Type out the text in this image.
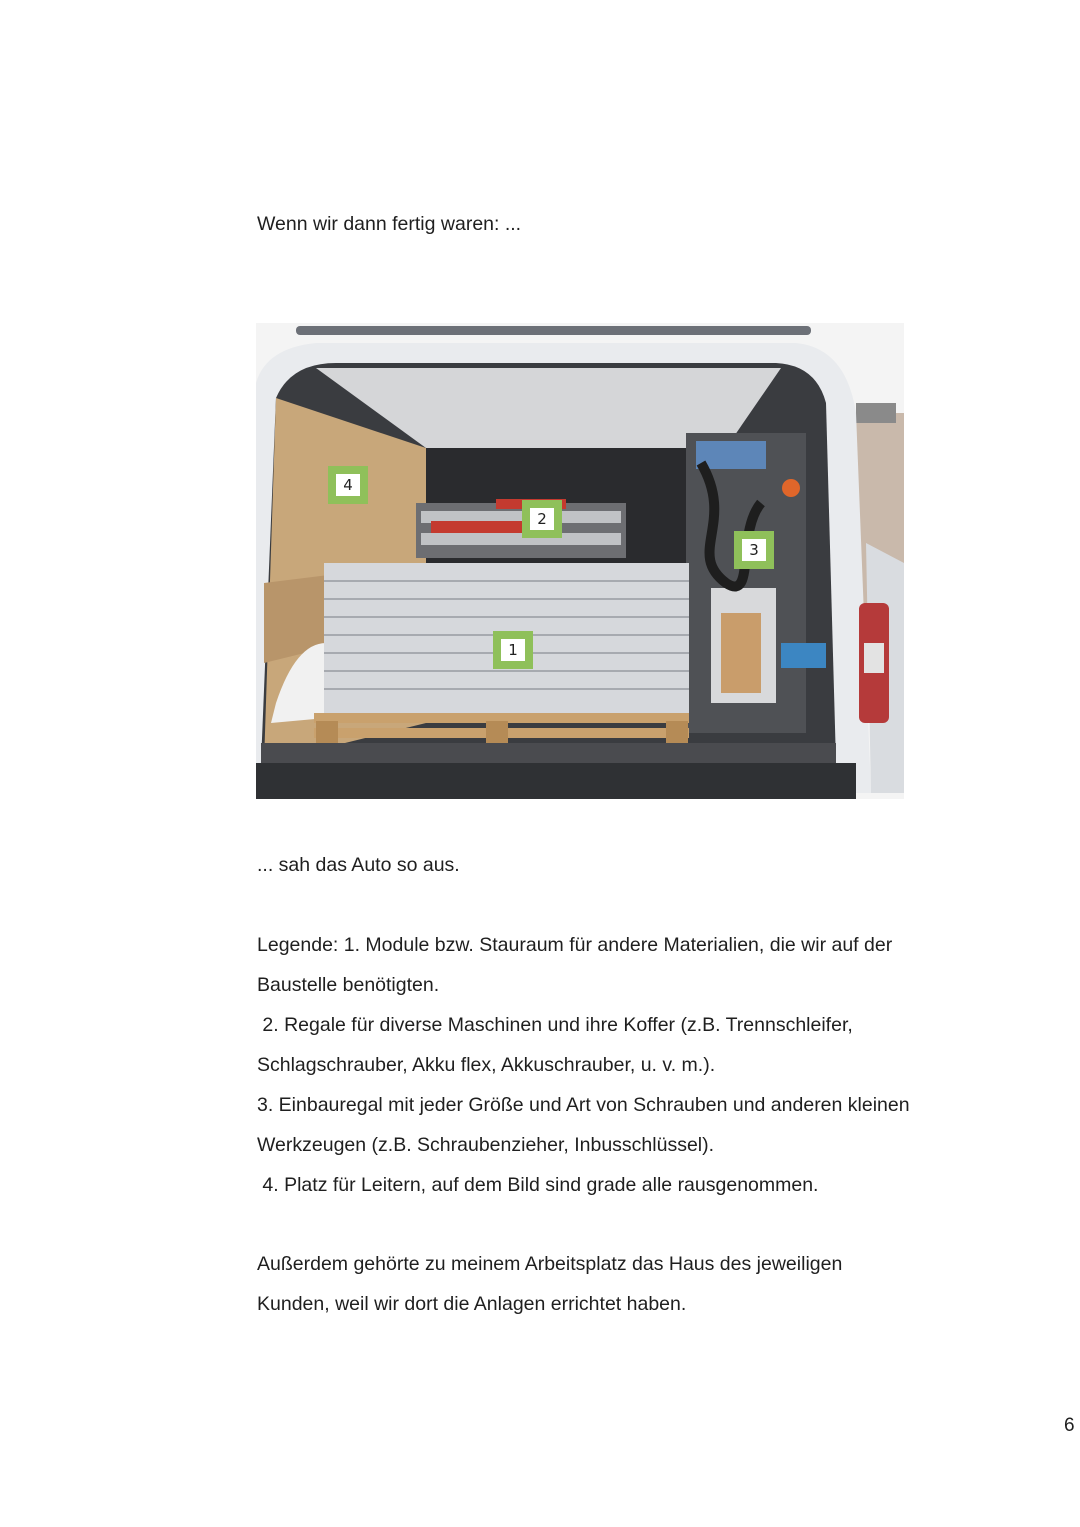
Wenn wir dann fertig waren: ...
4
2
3
1
... sah das Auto so aus.
Legende: 1. Module bzw. Stauraum für andere Materialien, die wir auf der
Baustelle benötigten.
2. Regale für diverse Maschinen und ihre Koffer (z.B. Trennschleifer,
Schlagschrauber, Akku flex, Akkuschrauber, u. v. m.).
3. Einbauregal mit jeder Größe und Art von Schrauben und anderen kleinen
Werkzeugen (z.B. Schraubenzieher, Inbusschlüssel).
4. Platz für Leitern, auf dem Bild sind grade alle rausgenommen.
Außerdem gehörte zu meinem Arbeitsplatz das Haus des jeweiligen
Kunden, weil wir dort die Anlagen errichtet haben.
6
